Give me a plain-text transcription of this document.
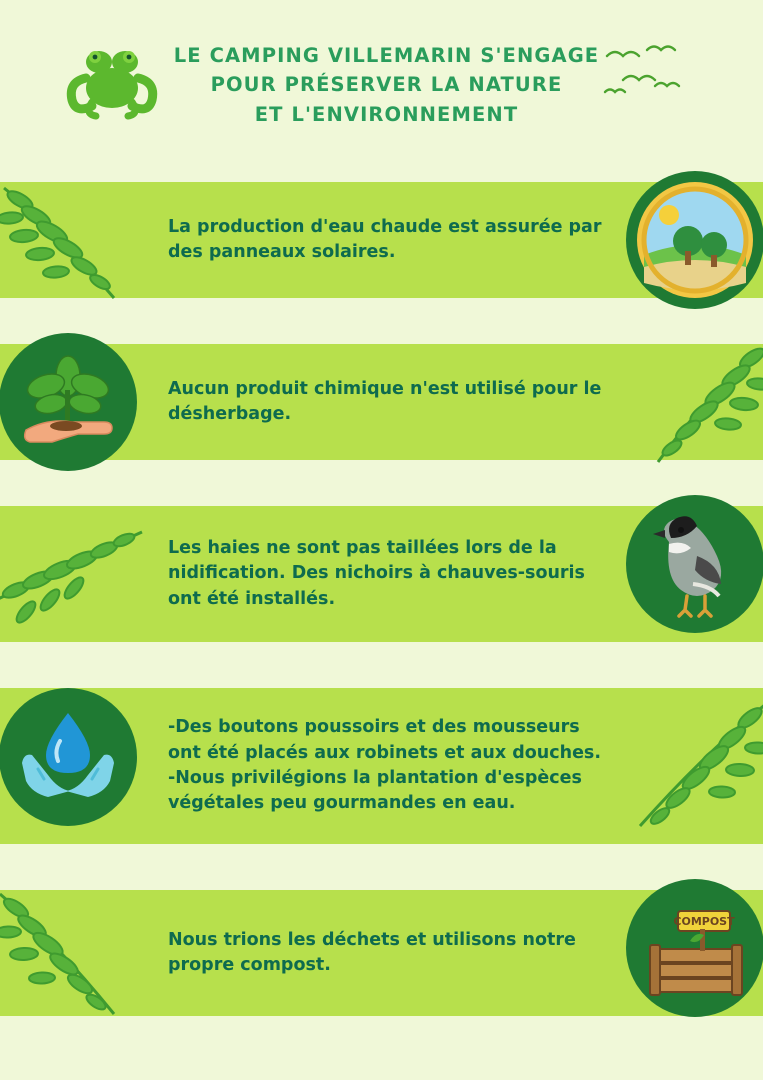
LE CAMPING VILLEMARIN S'ENGAGE
POUR PRÉSERVER LA NATURE
ET L'ENVIRONNEMENT
La production d'eau chaude est assurée par des panneaux solaires.
Aucun produit chimique n'est utilisé pour le désherbage.
Les haies ne sont pas taillées lors de la nidification. Des nichoirs à chauves-souris ont été installés.
-Des boutons poussoirs et des mousseurs ont été placés aux robinets et aux douches. -Nous privilégions la plantation d'espèces végétales peu gourmandes en eau.
Nous trions les déchets et utilisons notre propre compost.
COMPOST
